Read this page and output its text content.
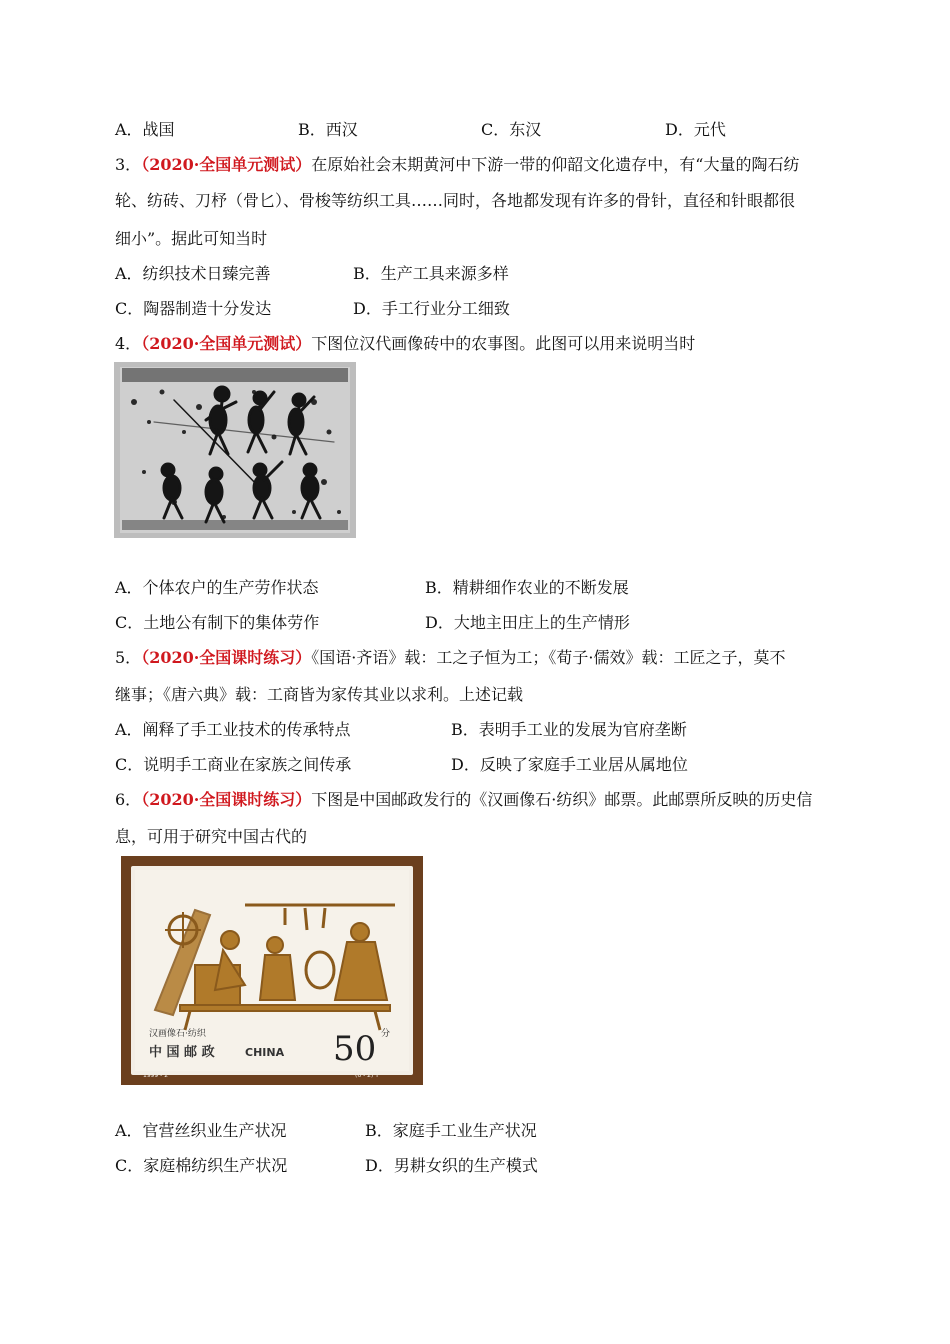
A．战国	B．西汉	C．东汉	D．元代
3．（2020·全国单元测试）在原始社会末期黄河中下游一带的仰韶文化遗存中，有“大量的陶石纺
轮、纺砖、刀杼（骨匕）、骨梭等纺织工具……同时，各地都发现有许多的骨针，直径和针眼都很
细小”。据此可知当时
A．纺织技术日臻完善	B．生产工具来源多样
C．陶器制造十分发达	D．手工行业分工细致
4．（2020·全国单元测试）下图位汉代画像砖中的农事图。此图可以用来说明当时
A．个体农户的生产劳作状态	B．精耕细作农业的不断发展
C．土地公有制下的集体劳作	D．大地主田庄上的生产情形
5．（2020·全国课时练习）《国语·齐语》载：工之子恒为工；《荀子·儒效》载：工匠之子，莫不
继事；《唐六典》载：工商皆为家传其业以求利。上述记载
A．阐释了手工业技术的传承特点	B．表明手工业的发展为官府垄断
C．说明手工商业在家族之间传承	D．反映了家庭手工业居从属地位
6．（2020·全国课时练习）下图是中国邮政发行的《汉画像石·纺织》邮票。此邮票所反映的历史信
息，可用于研究中国古代的
汉画像石·纺织
中 国 邮 政	CHINA 50 分
1999 - 2	(6 - 2) T
A．官营丝织业生产状况	B．家庭手工业生产状况
C．家庭棉纺织生产状况	D．男耕女织的生产模式
